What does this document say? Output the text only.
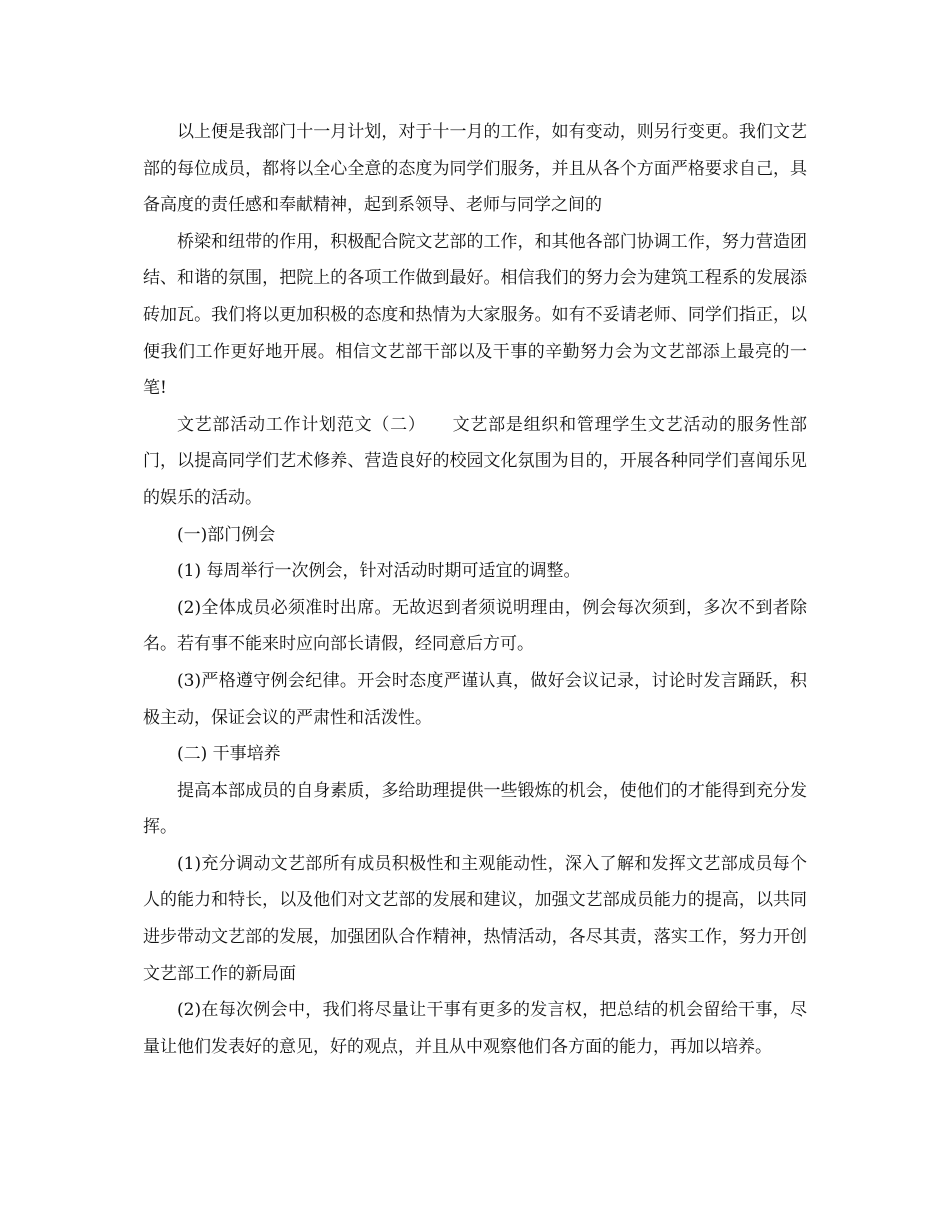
以上便是我部门十一月计划，对于十一月的工作，如有变动，则另行变更。我们文艺部的每位成员，都将以全心全意的态度为同学们服务，并且从各个方面严格要求自己，具备高度的责任感和奉献精神，起到系领导、老师与同学之间的

桥梁和纽带的作用，积极配合院文艺部的工作，和其他各部门协调工作，努力营造团结、和谐的氛围，把院上的各项工作做到最好。相信我们的努力会为建筑工程系的发展添砖加瓦。我们将以更加积极的态度和热情为大家服务。如有不妥请老师、同学们指正，以便我们工作更好地开展。相信文艺部干部以及干事的辛勤努力会为文艺部添上最亮的一笔!

文艺部活动工作计划范文（二）　　文艺部是组织和管理学生文艺活动的服务性部门，以提高同学们艺术修养、营造良好的校园文化氛围为目的，开展各种同学们喜闻乐见的娱乐的活动。

(一)部门例会

(1) 每周举行一次例会，针对活动时期可适宜的调整。

(2)全体成员必须准时出席。无故迟到者须说明理由，例会每次须到，多次不到者除名。若有事不能来时应向部长请假，经同意后方可。

(3)严格遵守例会纪律。开会时态度严谨认真，做好会议记录，讨论时发言踊跃，积极主动，保证会议的严肃性和活泼性。

(二) 干事培养

提高本部成员的自身素质，多给助理提供一些锻炼的机会，使他们的才能得到充分发挥。

(1)充分调动文艺部所有成员积极性和主观能动性，深入了解和发挥文艺部成员每个人的能力和特长，以及他们对文艺部的发展和建议，加强文艺部成员能力的提高，以共同进步带动文艺部的发展，加强团队合作精神，热情活动，各尽其责，落实工作，努力开创文艺部工作的新局面

(2)在每次例会中，我们将尽量让干事有更多的发言权，把总结的机会留给干事，尽量让他们发表好的意见，好的观点，并且从中观察他们各方面的能力，再加以培养。
